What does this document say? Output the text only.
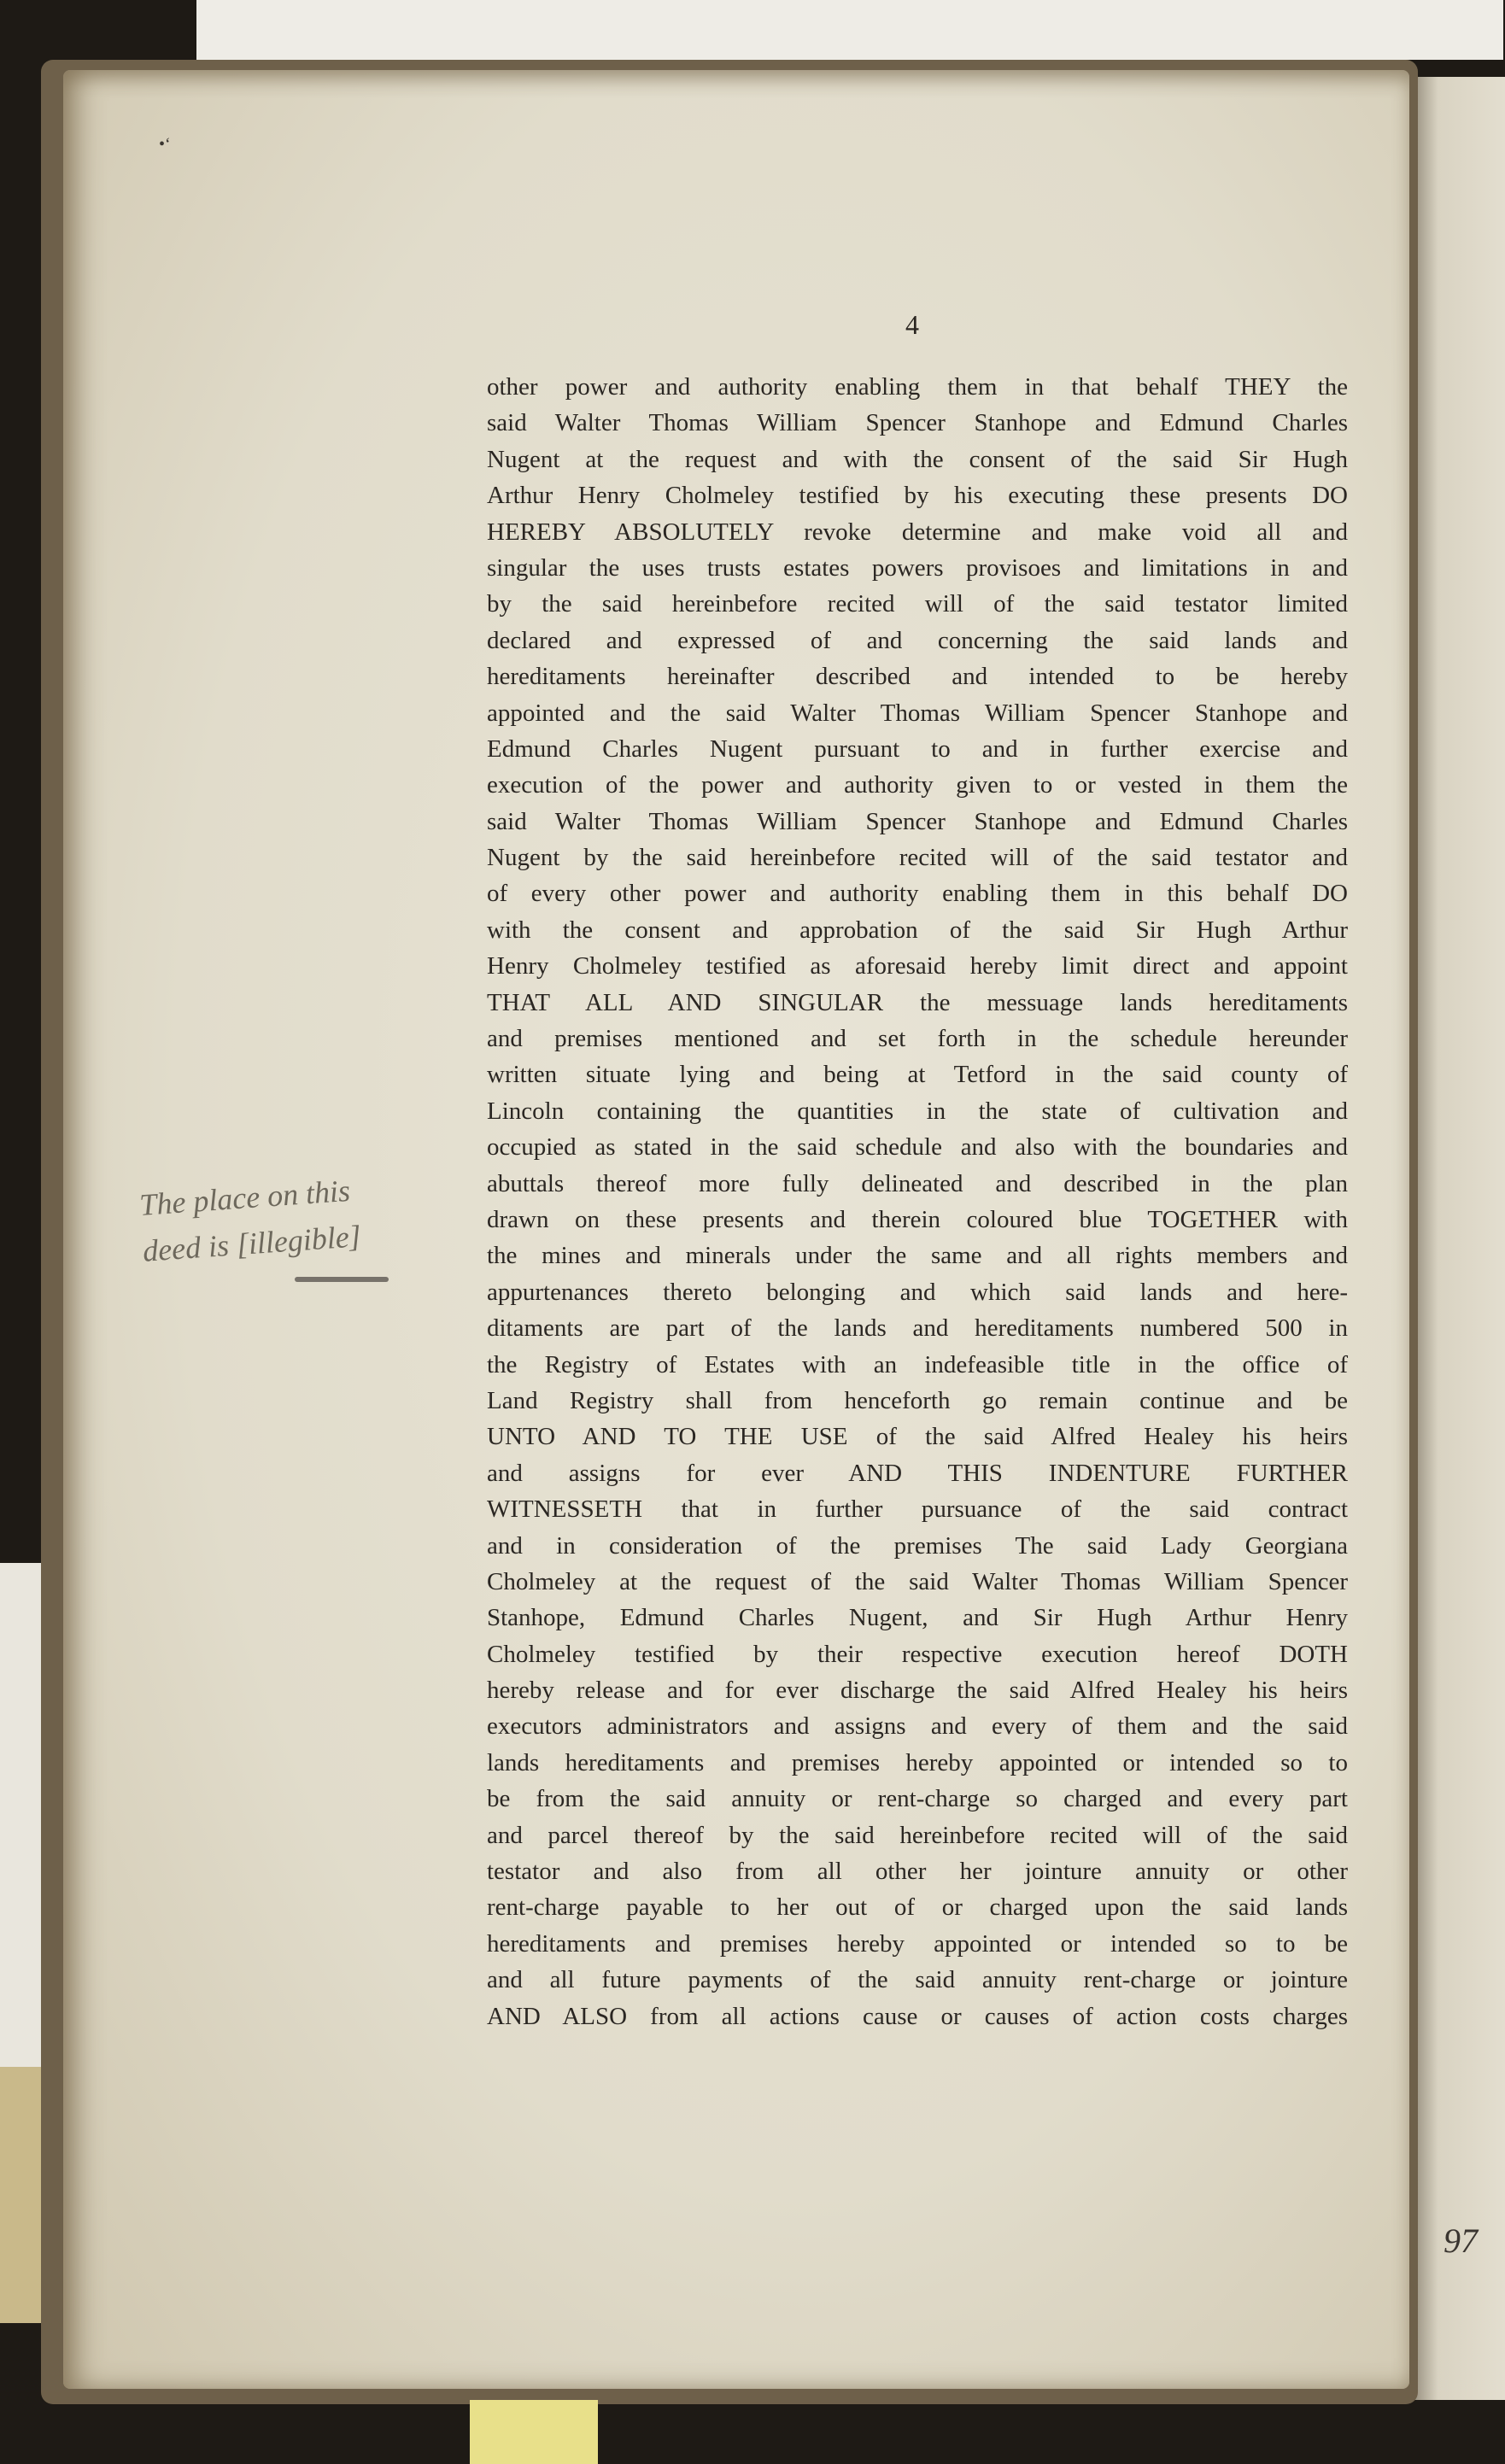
•‘
4
The place on this
deed is [illegible]
97
other power and authority enabling them in that behalf THEY the
said Walter Thomas William Spencer Stanhope and Edmund Charles
Nugent at the request and with the consent of the said Sir Hugh
Arthur Henry Cholmeley testified by his executing these presents DO
HEREBY ABSOLUTELY revoke determine and make void all and
singular the uses trusts estates powers provisoes and limitations in and
by the said hereinbefore recited will of the said testator limited
declared and expressed of and concerning the said lands and
hereditaments hereinafter described and intended to be hereby
appointed and the said Walter Thomas William Spencer Stanhope and
Edmund Charles Nugent pursuant to and in further exercise and
execution of the power and authority given to or vested in them the
said Walter Thomas William Spencer Stanhope and Edmund Charles
Nugent by the said hereinbefore recited will of the said testator and
of every other power and authority enabling them in this behalf DO
with the consent and approbation of the said Sir Hugh Arthur
Henry Cholmeley testified as aforesaid hereby limit direct and appoint
THAT ALL AND SINGULAR the messuage lands hereditaments
and premises mentioned and set forth in the schedule hereunder
written situate lying and being at Tetford in the said county of
Lincoln containing the quantities in the state of cultivation and
occupied as stated in the said schedule and also with the boundaries and
abuttals thereof more fully delineated and described in the plan
drawn on these presents and therein coloured blue TOGETHER with
the mines and minerals under the same and all rights members and
appurtenances thereto belonging and which said lands and here-
ditaments are part of the lands and hereditaments numbered 500 in
the Registry of Estates with an indefeasible title in the office of
Land Registry shall from henceforth go remain continue and be
UNTO AND TO THE USE of the said Alfred Healey his heirs
and assigns for ever AND THIS INDENTURE FURTHER
WITNESSETH that in further pursuance of the said contract
and in consideration of the premises The said Lady Georgiana
Cholmeley at the request of the said Walter Thomas William Spencer
Stanhope, Edmund Charles Nugent, and Sir Hugh Arthur Henry
Cholmeley testified by their respective execution hereof DOTH
hereby release and for ever discharge the said Alfred Healey his heirs
executors administrators and assigns and every of them and the said
lands hereditaments and premises hereby appointed or intended so to
be from the said annuity or rent-charge so charged and every part
and parcel thereof by the said hereinbefore recited will of the said
testator and also from all other her jointure annuity or other
rent-charge payable to her out of or charged upon the said lands
hereditaments and premises hereby appointed or intended so to be
and all future payments of the said annuity rent-charge or jointure
AND ALSO from all actions cause or causes of action costs charges
